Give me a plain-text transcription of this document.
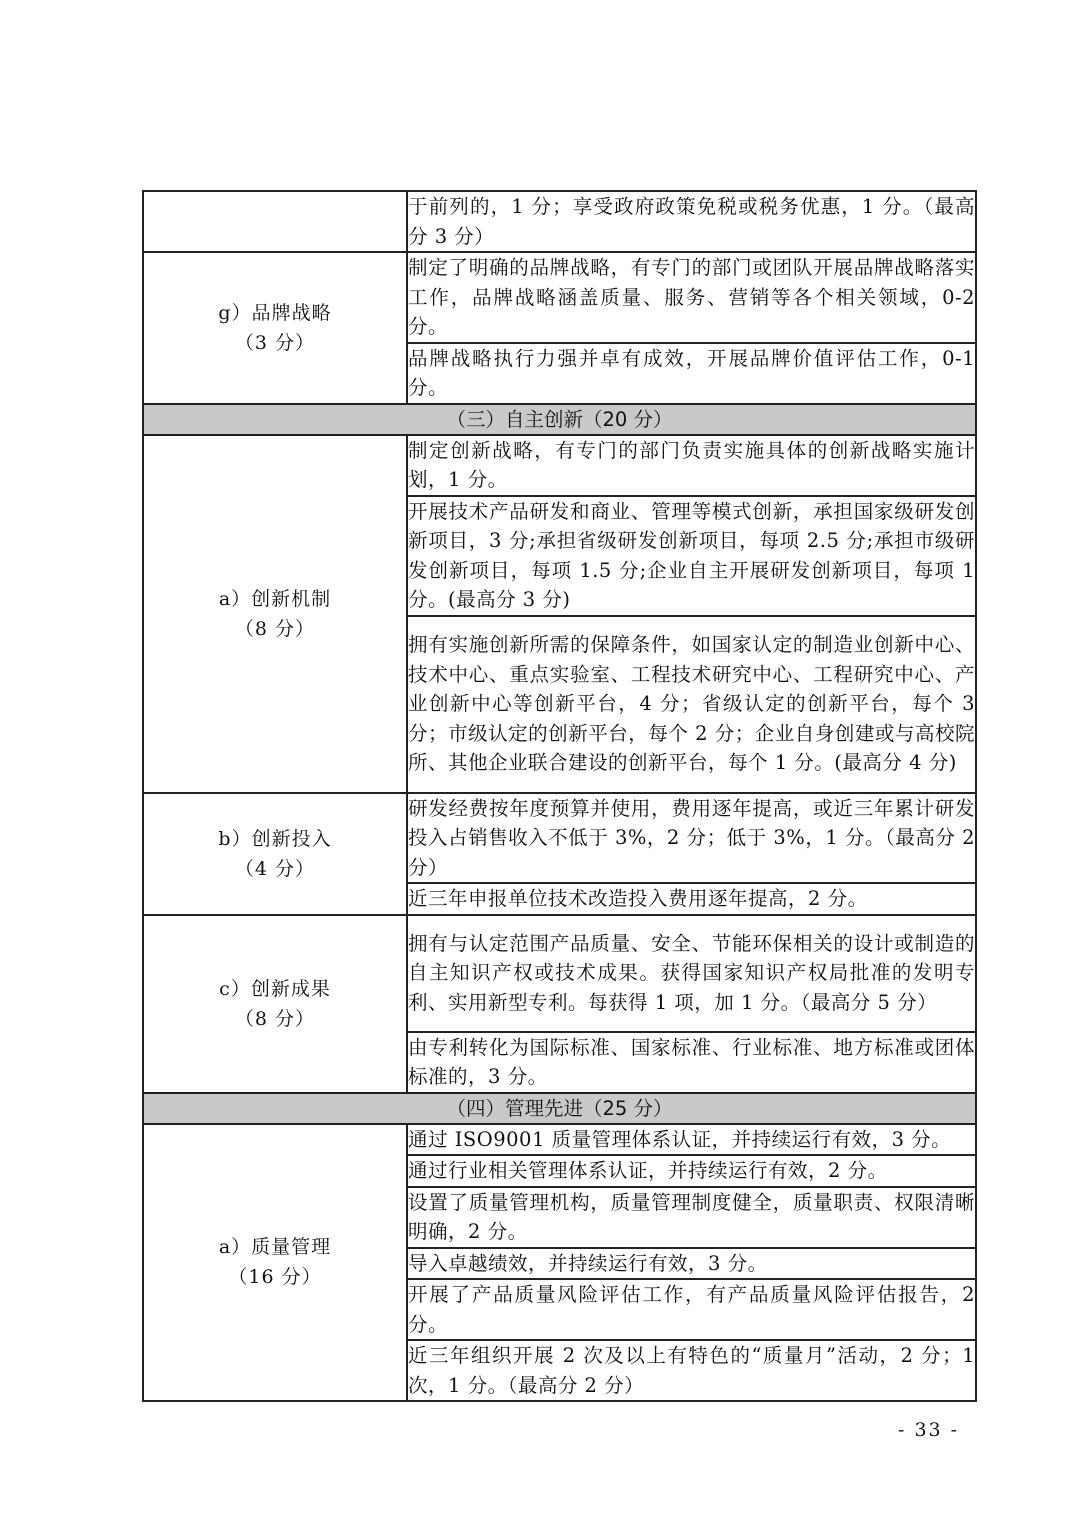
	于前列的，1 分；享受政府政策免税或税务优惠，1 分。（最高分 3 分）

g）品牌战略
（3 分）	制定了明确的品牌战略，有专门的部门或团队开展品牌战略落实工作，品牌战略涵盖质量、服务、营销等各个相关领域，0-2 分。
	品牌战略执行力强并卓有成效，开展品牌价值评估工作，0-1 分。
（三）自主创新（20 分）	

a）创新机制
（8 分）	制定创新战略，有专门的部门负责实施具体的创新战略实施计划，1 分。
	开展技术产品研发和商业、管理等模式创新，承担国家级研发创新项目，3 分;承担省级研发创新项目，每项 2.5 分;承担市级研发创新项目，每项 1.5 分;企业自主开展研发创新项目，每项 1 分。(最高分 3 分)
	拥有实施创新所需的保障条件，如国家认定的制造业创新中心、技术中心、重点实验室、工程技术研究中心、工程研究中心、产业创新中心等创新平台，4 分；省级认定的创新平台，每个 3 分；市级认定的创新平台，每个 2 分；企业自身创建或与高校院所、其他企业联合建设的创新平台，每个 1 分。(最高分 4 分)

b）创新投入
（4 分）	研发经费按年度预算并使用，费用逐年提高，或近三年累计研发投入占销售收入不低于 3%，2 分；低于 3%，1 分。（最高分 2 分）
	近三年申报单位技术改造投入费用逐年提高，2 分。

c）创新成果
（8 分）	拥有与认定范围产品质量、安全、节能环保相关的设计或制造的自主知识产权或技术成果。获得国家知识产权局批准的发明专利、实用新型专利。每获得 1 项，加 1 分。（最高分 5 分）
	由专利转化为国际标准、国家标准、行业标准、地方标准或团体标准的，3 分。
（四）管理先进（25 分）	

a）质量管理
（16 分）	通过 ISO9001 质量管理体系认证，并持续运行有效，3 分。
	通过行业相关管理体系认证，并持续运行有效，2 分。
	设置了质量管理机构，质量管理制度健全，质量职责、权限清晰明确，2 分。
	导入卓越绩效，并持续运行有效，3 分。
	开展了产品质量风险评估工作，有产品质量风险评估报告，2 分。
	近三年组织开展 2 次及以上有特色的“质量月”活动，2 分；1 次，1 分。（最高分 2 分）
- 33 -
